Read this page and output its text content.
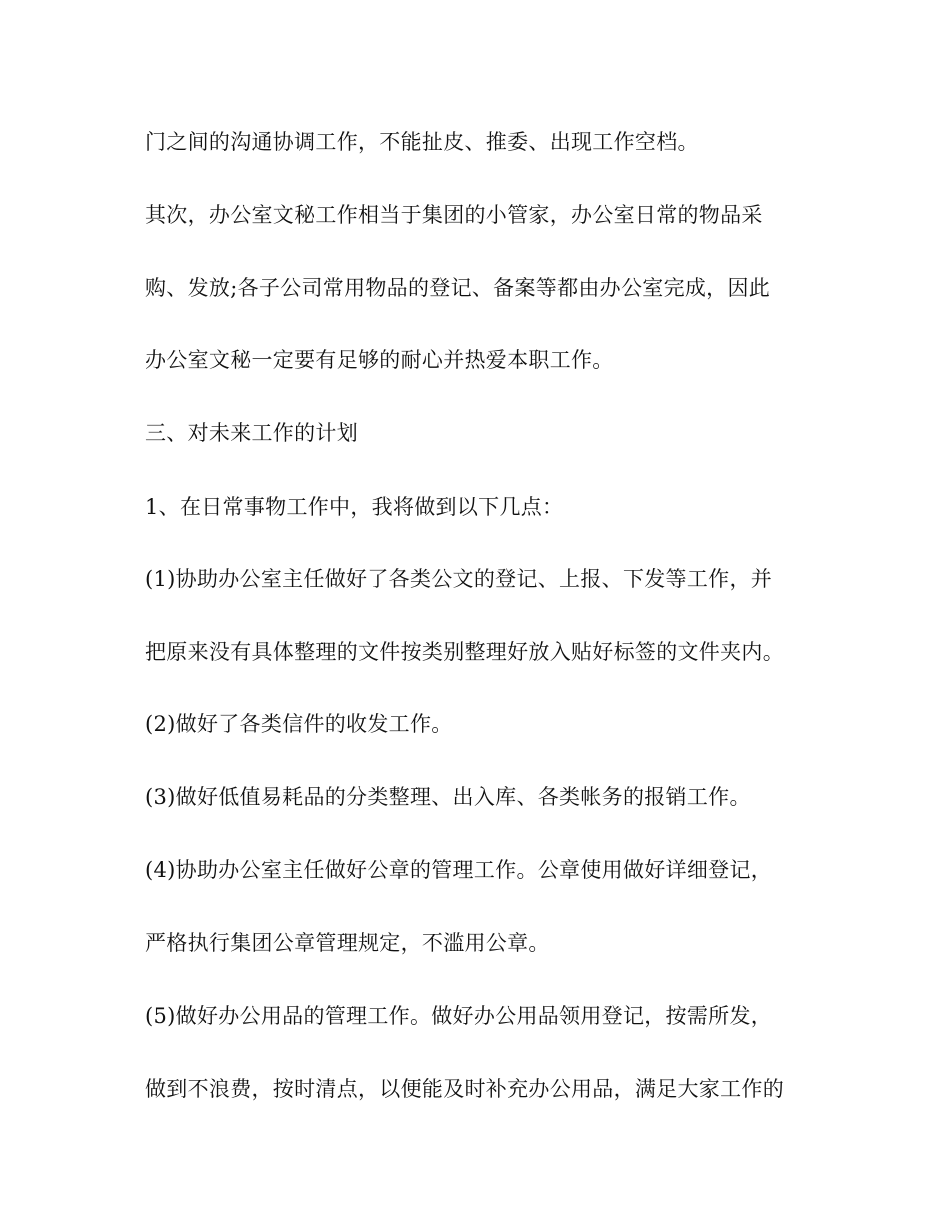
门之间的沟通协调工作，不能扯皮、推委、出现工作空档。
其次，办公室文秘工作相当于集团的小管家，办公室日常的物品采
购、发放;各子公司常用物品的登记、备案等都由办公室完成，因此
办公室文秘一定要有足够的耐心并热爱本职工作。
三、对未来工作的计划
1、在日常事物工作中，我将做到以下几点：
(1)协助办公室主任做好了各类公文的登记、上报、下发等工作，并
把原来没有具体整理的文件按类别整理好放入贴好标签的文件夹内。
(2)做好了各类信件的收发工作。
(3)做好低值易耗品的分类整理、出入库、各类帐务的报销工作。
(4)协助办公室主任做好公章的管理工作。公章使用做好详细登记，
严格执行集团公章管理规定，不滥用公章。
(5)做好办公用品的管理工作。做好办公用品领用登记，按需所发，
做到不浪费，按时清点，以便能及时补充办公用品，满足大家工作的
